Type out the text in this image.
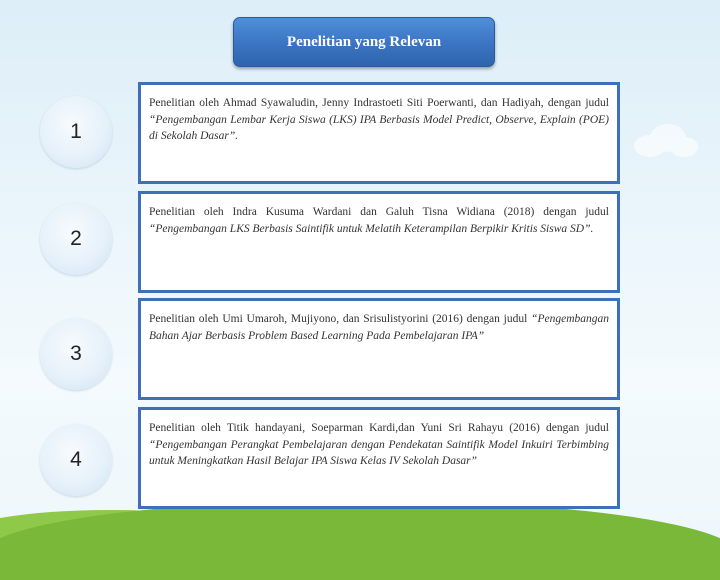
Penelitian yang Relevan
1
Penelitian oleh Ahmad Syawaludin, Jenny Indrastoeti Siti Poerwanti, dan Hadiyah, dengan judul “Pengembangan Lembar Kerja Siswa (LKS) IPA Berbasis Model Predict, Observe, Explain (POE) di Sekolah Dasar”.
2
Penelitian oleh Indra Kusuma Wardani dan Galuh Tisna Widiana (2018) dengan judul “Pengembangan LKS Berbasis Saintifik untuk Melatih Keterampilan Berpikir Kritis Siswa SD”.
3
Penelitian oleh Umi Umaroh, Mujiyono, dan Srisulistyorini (2016) dengan judul “Pengembangan Bahan Ajar Berbasis Problem Based Learning Pada Pembelajaran IPA”
4
Penelitian oleh Titik handayani, Soeparman Kardi,dan Yuni Sri Rahayu (2016) dengan judul “Pengembangan Perangkat Pembelajaran dengan Pendekatan Saintifik Model Inkuiri Terbimbing untuk Meningkatkan Hasil Belajar IPA Siswa Kelas IV Sekolah Dasar”
